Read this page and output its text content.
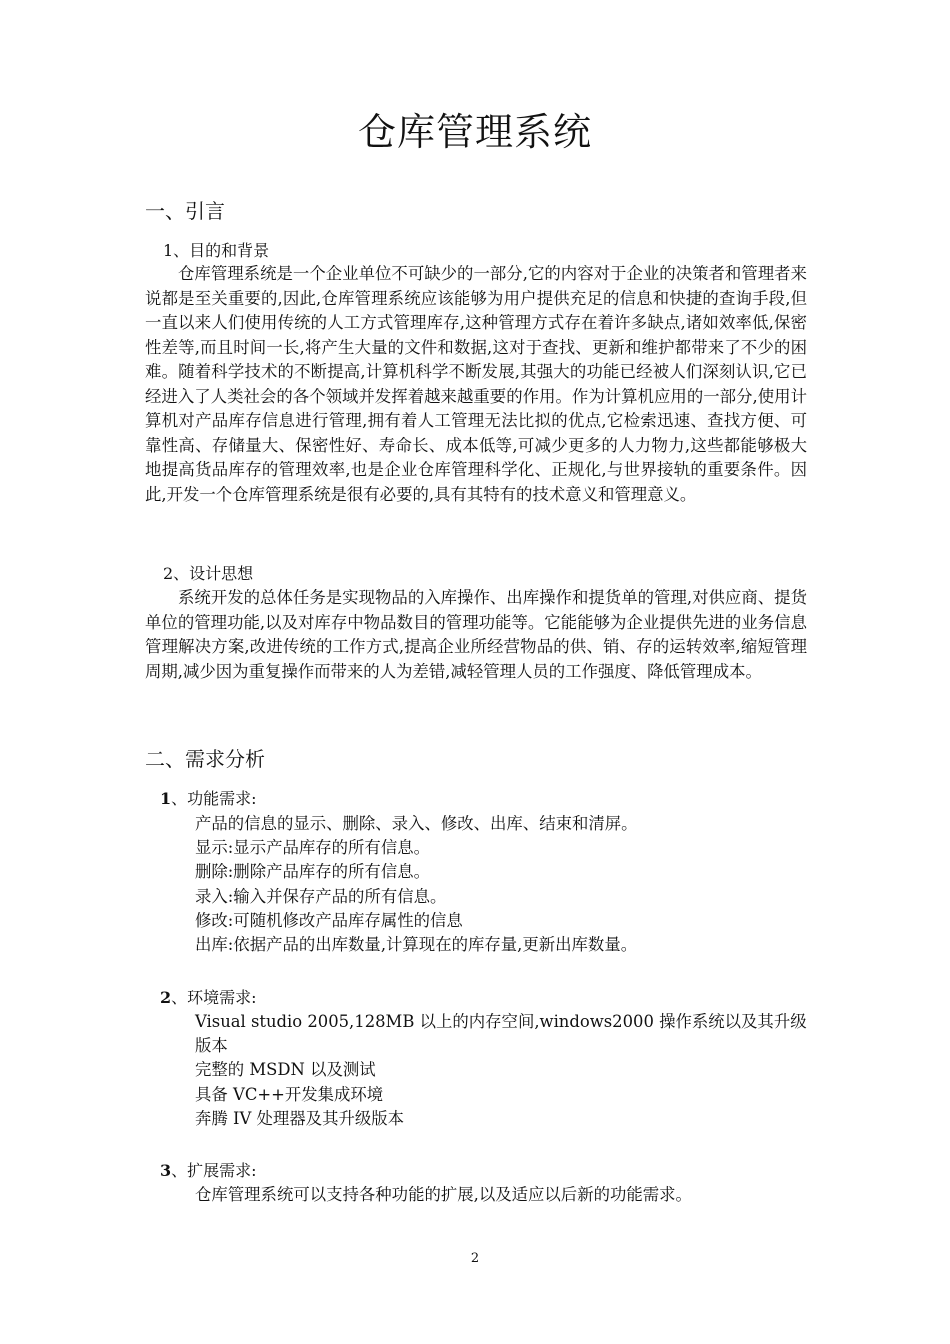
仓库管理系统
一、引言
1、目的和背景

仓库管理系统是一个企业单位不可缺少的一部分,它的内容对于企业的决策者和管理者来说都是至关重要的,因此,仓库管理系统应该能够为用户提供充足的信息和快捷的查询手段,但一直以来人们使用传统的人工方式管理库存,这种管理方式存在着许多缺点,诸如效率低,保密性差等,而且时间一长,将产生大量的文件和数据,这对于查找、更新和维护都带来了不少的困难。随着科学技术的不断提高,计算机科学不断发展,其强大的功能已经被人们深刻认识,它已经进入了人类社会的各个领域并发挥着越来越重要的作用。作为计算机应用的一部分,使用计算机对产品库存信息进行管理,拥有着人工管理无法比拟的优点,它检索迅速、查找方便、可靠性高、存储量大、保密性好、寿命长、成本低等,可减少更多的人力物力,这些都能够极大地提高货品库存的管理效率,也是企业仓库管理科学化、正规化,与世界接轨的重要条件。因此,开发一个仓库管理系统是很有必要的,具有其特有的技术意义和管理意义。

2、设计思想

系统开发的总体任务是实现物品的入库操作、出库操作和提货单的管理,对供应商、提货单位的管理功能,以及对库存中物品数目的管理功能等。它能能够为企业提供先进的业务信息管理解决方案,改进传统的工作方式,提高企业所经营物品的供、销、存的运转效率,缩短管理周期,减少因为重复操作而带来的人为差错,减轻管理人员的工作强度、降低管理成本。

二、需求分析
1、功能需求:
产品的信息的显示、删除、录入、修改、出库、结束和清屏。
显示:显示产品库存的所有信息。
删除:删除产品库存的所有信息。
录入:输入并保存产品的所有信息。
修改:可随机修改产品库存属性的信息
出库:依据产品的出库数量,计算现在的库存量,更新出库数量。
2、环境需求:
Visual studio 2005,128MB 以上的内存空间,windows2000 操作系统以及其升级版本
完整的 MSDN 以及测试
具备 VC++开发集成环境
奔腾 IV 处理器及其升级版本
3、扩展需求:
仓库管理系统可以支持各种功能的扩展,以及适应以后新的功能需求。
2
